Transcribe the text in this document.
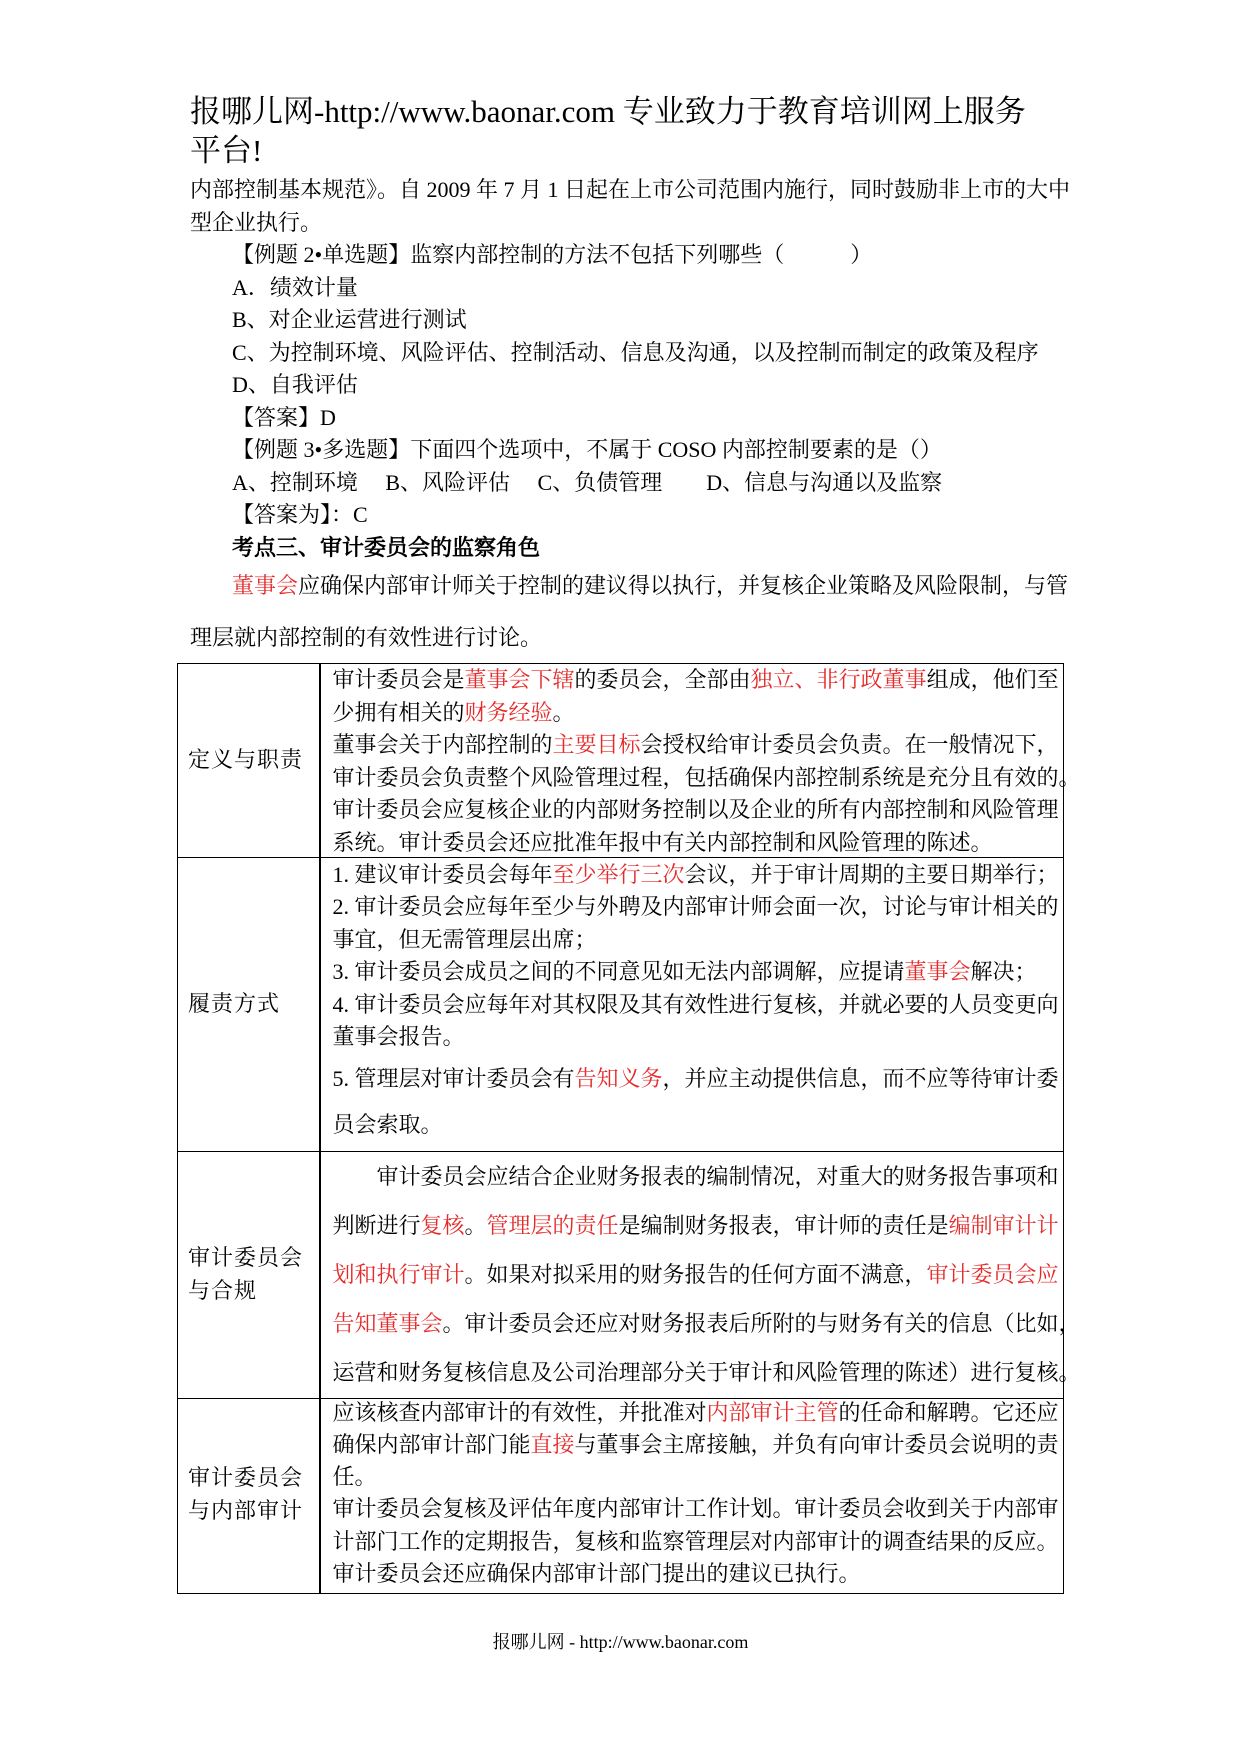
报哪儿网-http://www.baonar.com 专业致力于教育培训网上服务
平台!
内部控制基本规范》。自 2009 年 7 月 1 日起在上市公司范围内施行，同时鼓励非上市的大中
型企业执行。
【例题 2•单选题】监察内部控制的方法不包括下列哪些（　　　）
A．绩效计量
B、对企业运营进行测试
C、为控制环境、风险评估、控制活动、信息及沟通，以及控制而制定的政策及程序
D、自我评估
【答案】D
【例题 3•多选题】下面四个选项中，不属于 COSO 内部控制要素的是（）
A、控制环境　 B、风险评估　 C、负债管理　　D、信息与沟通以及监察
【答案为】：C
考点三、审计委员会的监察角色
董事会应确保内部审计师关于控制的建议得以执行，并复核企业策略及风险限制，与管
理层就内部控制的有效性进行讨论。
定义与职责
审计委员会是董事会下辖的委员会，全部由独立、非行政董事组成，他们至
少拥有相关的财务经验。
董事会关于内部控制的主要目标会授权给审计委员会负责。在一般情况下，
审计委员会负责整个风险管理过程，包括确保内部控制系统是充分且有效的。
审计委员会应复核企业的内部财务控制以及企业的所有内部控制和风险管理
系统。审计委员会还应批准年报中有关内部控制和风险管理的陈述。
履责方式
1. 建议审计委员会每年至少举行三次会议，并于审计周期的主要日期举行；
2. 审计委员会应每年至少与外聘及内部审计师会面一次，讨论与审计相关的
事宜，但无需管理层出席；
3. 审计委员会成员之间的不同意见如无法内部调解，应提请董事会解决；
4. 审计委员会应每年对其权限及其有效性进行复核，并就必要的人员变更向
董事会报告。
5. 管理层对审计委员会有告知义务，并应主动提供信息，而不应等待审计委
员会索取。
审计委员会
与合规
审计委员会应结合企业财务报表的编制情况，对重大的财务报告事项和
判断进行复核。管理层的责任是编制财务报表，审计师的责任是编制审计计
划和执行审计。如果对拟采用的财务报告的任何方面不满意，审计委员会应
告知董事会。审计委员会还应对财务报表后所附的与财务有关的信息（比如，
运营和财务复核信息及公司治理部分关于审计和风险管理的陈述）进行复核。
审计委员会
与内部审计
应该核查内部审计的有效性，并批准对内部审计主管的任命和解聘。它还应
确保内部审计部门能直接与董事会主席接触，并负有向审计委员会说明的责
任。
审计委员会复核及评估年度内部审计工作计划。审计委员会收到关于内部审
计部门工作的定期报告，复核和监察管理层对内部审计的调查结果的反应。
审计委员会还应确保内部审计部门提出的建议已执行。
报哪儿网 - http://www.baonar.com
